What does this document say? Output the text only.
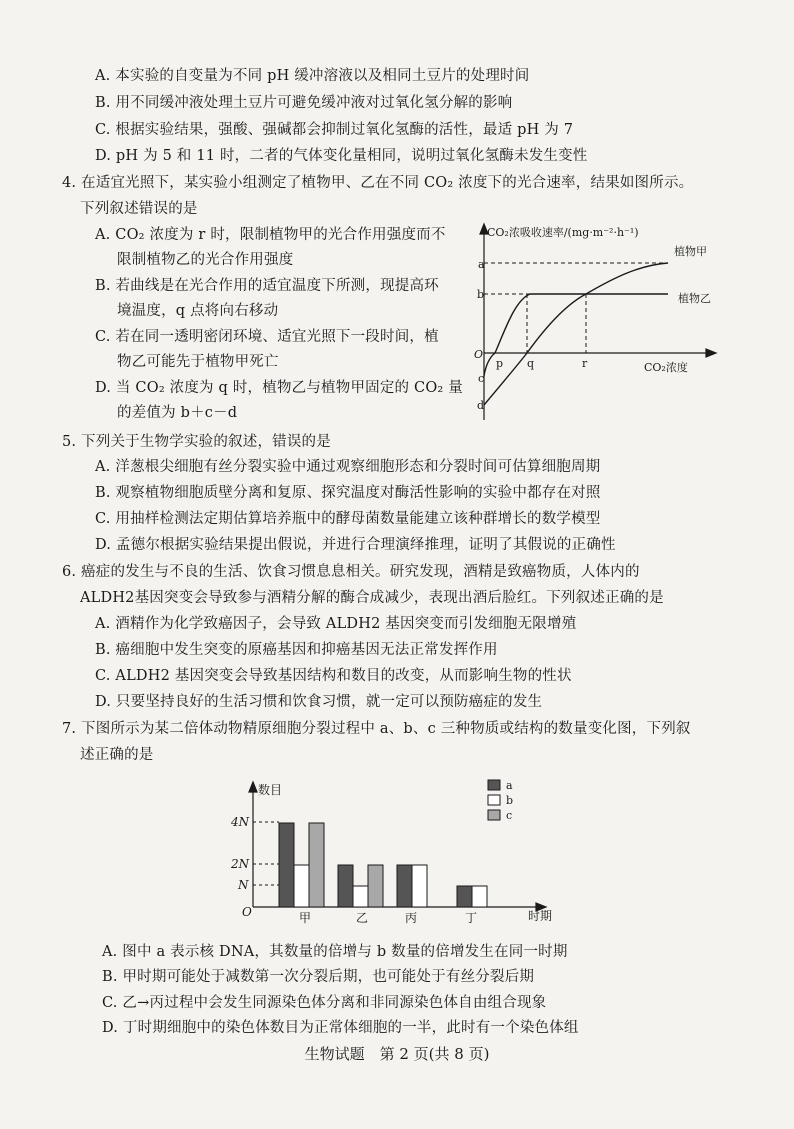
A. 本实验的自变量为不同 pH 缓冲溶液以及相同土豆片的处理时间
B. 用不同缓冲液处理土豆片可避免缓冲液对过氧化氢分解的影响
C. 根据实验结果，强酸、强碱都会抑制过氧化氢酶的活性，最适 pH 为 7
D. pH 为 5 和 11 时，二者的气体变化量相同，说明过氧化氢酶未发生变性
4. 在适宜光照下，某实验小组测定了植物甲、乙在不同 CO₂ 浓度下的光合速率，结果如图所示。
下列叙述错误的是
A. CO₂ 浓度为 r 时，限制植物甲的光合作用强度而不
限制植物乙的光合作用强度
B. 若曲线是在光合作用的适宜温度下所测，现提高环
境温度，q 点将向右移动
C. 若在同一透明密闭环境、适宜光照下一段时间，植
物乙可能先于植物甲死亡
D. 当 CO₂ 浓度为 q 时，植物乙与植物甲固定的 CO₂ 量
的差值为 b＋c－d
CO₂浓吸收速率/(mg·m⁻²·h⁻¹)
CO₂浓度
O
a
b
c
d
p q	r
植物甲
植物乙
5. 下列关于生物学实验的叙述，错误的是
A. 洋葱根尖细胞有丝分裂实验中通过观察细胞形态和分裂时间可估算细胞周期
B. 观察植物细胞质壁分离和复原、探究温度对酶活性影响的实验中都存在对照
C. 用抽样检测法定期估算培养瓶中的酵母菌数量能建立该种群增长的数学模型
D. 孟德尔根据实验结果提出假说，并进行合理演绎推理，证明了其假说的正确性
6. 癌症的发生与不良的生活、饮食习惯息息相关。研究发现，酒精是致癌物质，人体内的
ALDH2基因突变会导致参与酒精分解的酶合成减少，表现出酒后脸红。下列叙述正确的是
A. 酒精作为化学致癌因子，会导致 ALDH2 基因突变而引发细胞无限增殖
B. 癌细胞中发生突变的原癌基因和抑癌基因无法正常发挥作用
C. ALDH2 基因突变会导致基因结构和数目的改变，从而影响生物的性状
D. 只要坚持良好的生活习惯和饮食习惯，就一定可以预防癌症的发生
7. 下图所示为某二倍体动物精原细胞分裂过程中 a、b、c 三种物质或结构的数量变化图，下列叙
述正确的是
数目
时期
O
4N
2N
N
甲	乙	丙	丁
a
b
c
A. 图中 a 表示核 DNA，其数量的倍增与 b 数量的倍增发生在同一时期
B. 甲时期可能处于减数第一次分裂后期，也可能处于有丝分裂后期
C. 乙→丙过程中会发生同源染色体分离和非同源染色体自由组合现象
D. 丁时期细胞中的染色体数目为正常体细胞的一半，此时有一个染色体组
生物试题　第 2 页(共 8 页)
